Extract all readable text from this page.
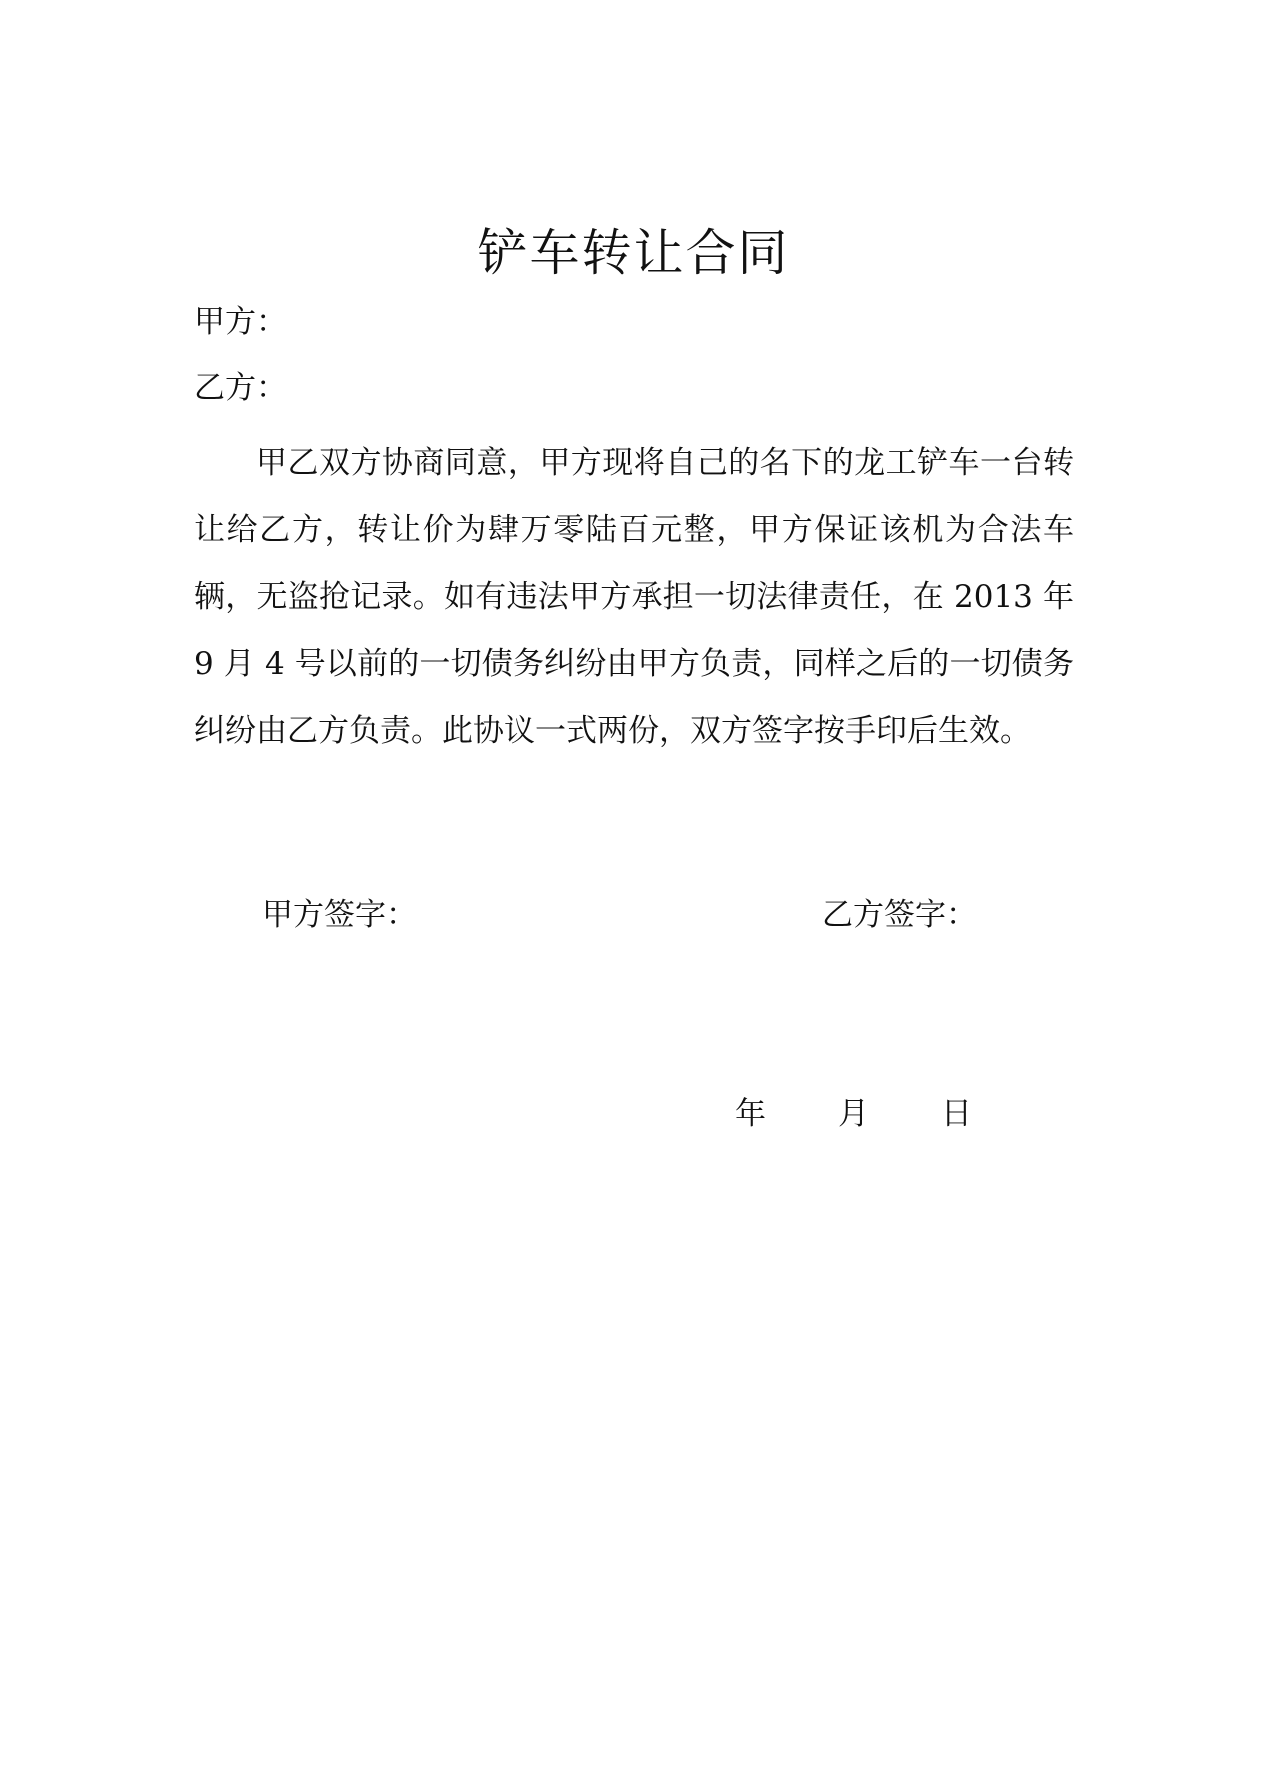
铲车转让合同
甲方：
乙方：

甲乙双方协商同意，甲方现将自己的名下的龙工铲车一台转让给乙方，转让价为肆万零陆百元整，甲方保证该机为合法车辆，无盗抢记录。如有违法甲方承担一切法律责任，在 2013 年 9 月 4 号以前的一切债务纠纷由甲方负责，同样之后的一切债务纠纷由乙方负责。此协议一式两份，双方签字按手印后生效。

甲方签字：	乙方签字：
年 月 日
